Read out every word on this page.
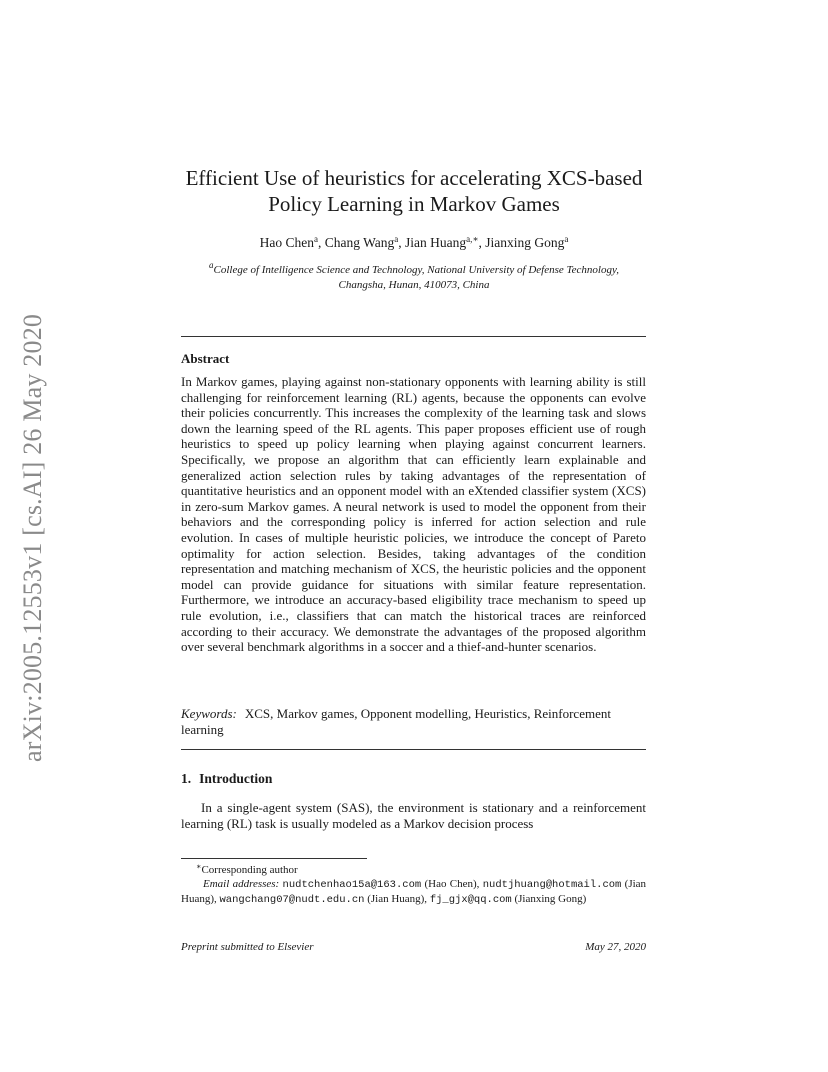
arXiv:2005.12553v1 [cs.AI] 26 May 2020
Efficient Use of heuristics for accelerating XCS-based
Policy Learning in Markov Games
Hao Chen$^a$, Chang Wang$^a$, Jian Huang$^{a,∗}$, Jianxing Gong$^a$
$^a$College of Intelligence Science and Technology, National University of Defense Technology,
Changsha, Hunan, 410073, China
Abstract
In Markov games, playing against non-stationary opponents with learning ability is still challenging for reinforcement learning (RL) agents, because the opponents can evolve their policies concurrently. This increases the complexity of the learning task and slows down the learning speed of the RL agents. This paper proposes efficient use of rough heuristics to speed up policy learning when playing against concurrent learners. Specifically, we propose an algorithm that can efficiently learn explainable and generalized action selection rules by taking advantages of the representation of quantitative heuristics and an opponent model with an eXtended classifier system (XCS) in zero-sum Markov games. A neural network is used to model the opponent from their behaviors and the corresponding policy is inferred for action selection and rule evolution. In cases of multiple heuristic policies, we introduce the concept of Pareto optimality for action selection. Besides, taking advantages of the condition representation and matching mechanism of XCS, the heuristic policies and the opponent model can provide guidance for situations with similar feature representation. Furthermore, we introduce an accuracy-based eligibility trace mechanism to speed up rule evolution, i.e., classifiers that can match the historical traces are reinforced according to their accuracy. We demonstrate the advantages of the proposed algorithm over several benchmark algorithms in a soccer and a thief-and-hunter scenarios.
Keywords: XCS, Markov games, Opponent modelling, Heuristics, Reinforcement learning
1. Introduction
In a single-agent system (SAS), the environment is stationary and a reinforcement learning (RL) task is usually modeled as a Markov decision process
∗Corresponding author
Email addresses: nudtchenhao15a@163.com (Hao Chen), nudtjhuang@hotmail.com (Jian Huang), wangchang07@nudt.edu.cn (Jian Huang), fj_gjx@qq.com (Jianxing Gong)
Preprint submitted to Elsevier	May 27, 2020
